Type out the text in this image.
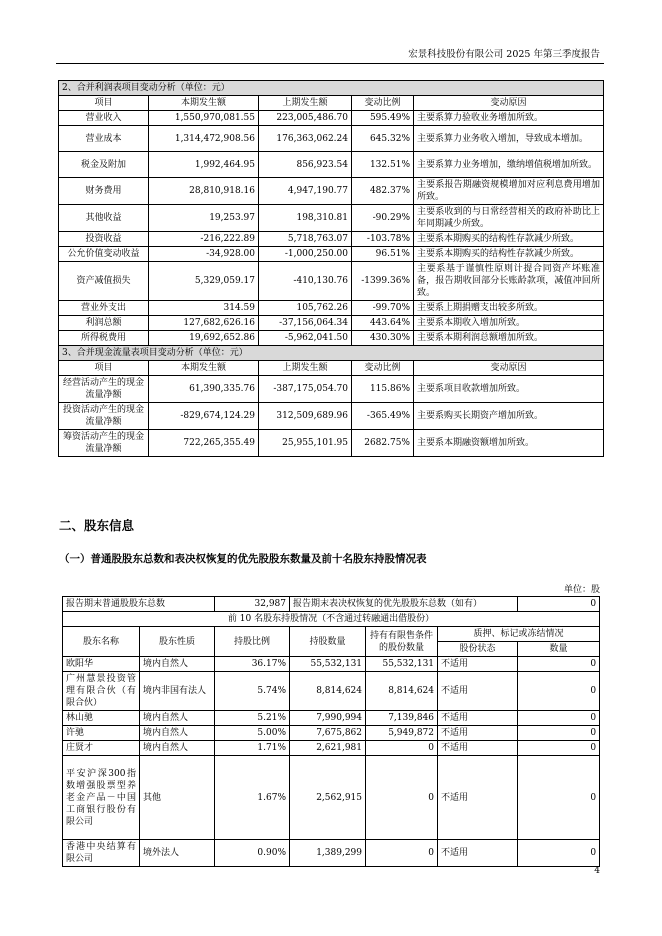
宏景科技股份有限公司 2025 年第三季度报告
2、合并利润表项目变动分析（单位：元）				
项目	本期发生额	上期发生额	变动比例	变动原因
营业收入	1,550,970,081.55	223,005,486.70	595.49%	主要系算力验收业务增加所致。
营业成本	1,314,472,908.56	176,363,062.24	645.32%	主要系算力业务收入增加，导致成本增加。
税金及附加	1,992,464.95	856,923.54	132.51%	主要系算力业务增加，缴纳增值税增加所致。
财务费用	28,810,918.16	4,947,190.77	482.37%	主要系报告期融资规模增加对应利息费用增加所致。
其他收益	19,253.97	198,310.81	-90.29%	主要系收到的与日常经营相关的政府补助比上年同期减少所致。
投资收益	-216,222.89	5,718,763.07	-103.78%	主要系本期购买的结构性存款减少所致。
公允价值变动收益	-34,928.00	-1,000,250.00	96.51%	主要系本期购买的结构性存款减少所致。
资产减值损失	5,329,059.17	-410,130.76	-1399.36%	主要系基于谨慎性原则计提合同资产坏账准备，报告期收回部分长账龄款项，减值冲回所致。
营业外支出	314.59	105,762.26	-99.70%	主要系上期捐赠支出较多所致。
利润总额	127,682,626.16	-37,156,064.34	443.64%	主要系本期收入增加所致。
所得税费用	19,692,652.86	-5,962,041.50	430.30%	主要系本期利润总额增加所致。
3、合并现金流量表项目变动分析（单位：元）				
项目	本期发生额	上期发生额	变动比例	变动原因
经营活动产生的现金流量净额	61,390,335.76	-387,175,054.70	115.86%	主要系项目收款增加所致。
投资活动产生的现金流量净额	-829,674,124.29	312,509,689.96	-365.49%	主要系购买长期资产增加所致。
筹资活动产生的现金流量净额	722,265,355.49	25,955,101.95	2682.75%	主要系本期融资额增加所致。
二、股东信息
（一）普通股股东总数和表决权恢复的优先股股东数量及前十名股东持股情况表
单位：股
报告期末普通股股东总数		32,987	报告期末表决权恢复的优先股股东总数（如有）			0
前 10 名股东持股情况（不含通过转融通出借股份）						
股东名称	股东性质	持股比例	持股数量	持有有限售条件的股份数量	质押、标记或冻结情况	
					股份状态	数量
欧阳华	境内自然人	36.17%	55,532,131	55,532,131	不适用	0
广州慧景投资管理有限合伙（有限合伙）	境内非国有法人	5.74%	8,814,624	8,814,624	不适用	0
林山驰	境内自然人	5.21%	7,990,994	7,139,846	不适用	0
许驰	境内自然人	5.00%	7,675,862	5,949,872	不适用	0
庄贤才	境内自然人	1.71%	2,621,981	0	不适用	0
平安沪深300指数增强股票型养老金产品－中国工商银行股份有限公司	其他	1.67%	2,562,915	0	不适用	0
香港中央结算有限公司	境外法人	0.90%	1,389,299	0	不适用	0
4
